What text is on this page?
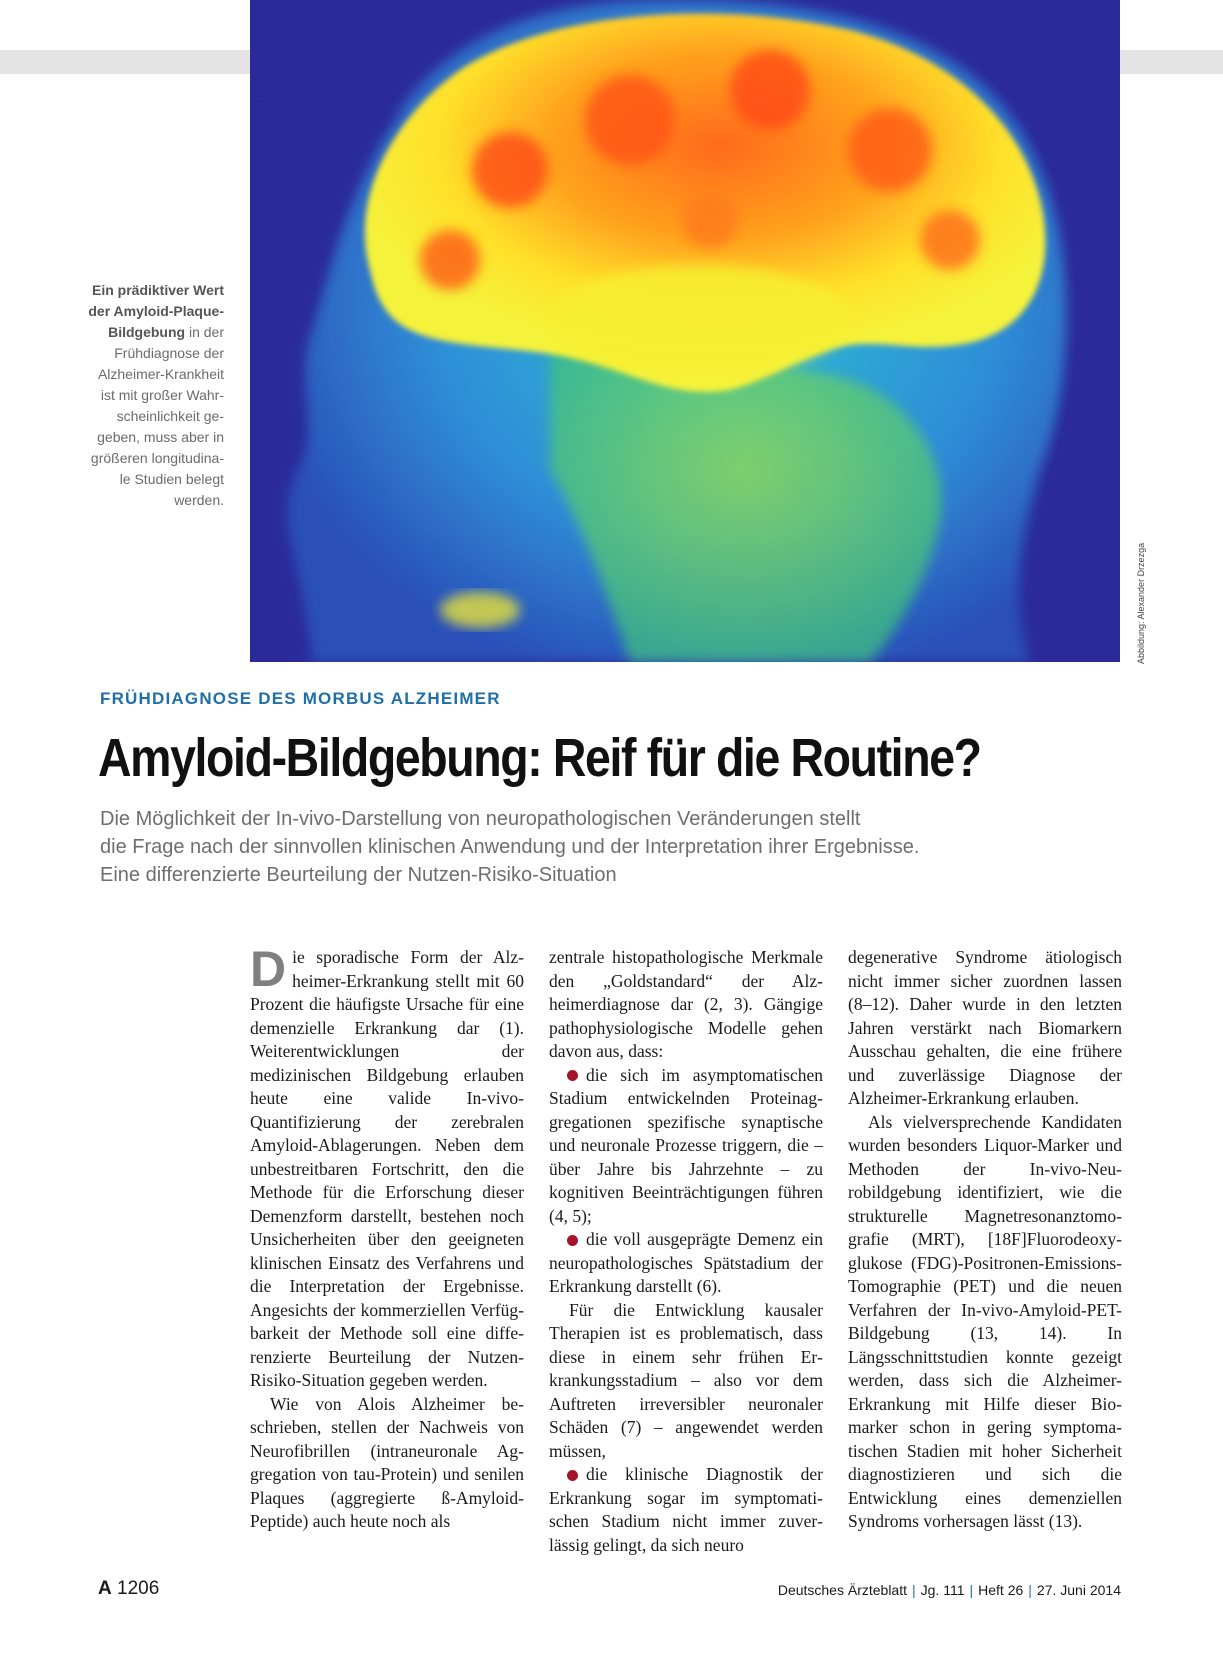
Abbildung: Alexander Drzezga
Ein prädiktiver Wert
der Amyloid-Plaque-
Bildgebung in der
Frühdiagnose der
Alzheimer-Krankheit
ist mit großer Wahr-
scheinlichkeit ge-
geben, muss aber in
größeren longitudina-
le Studien belegt
werden.
FRÜHDIAGNOSE DES MORBUS ALZHEIMER
Amyloid-Bildgebung: Reif für die Routine?
Die Möglichkeit der In-vivo-Darstellung von neuropathologischen Veränderungen stellt
die Frage nach der sinnvollen klinischen Anwendung und der Interpretation ihrer Ergebnisse.
Eine differenzierte Beurteilung der Nutzen-Risiko-Situation

Die sporadische Form der Alzheimer-Erkrankung stellt mit 60 Prozent die häufigste Ursache für eine demenzielle Erkrankung dar (1). Weiterentwicklungen der medizinischen Bildgebung erlauben heute eine valide In-vivo-Quantifizierung der zerebralen Amyloid-Ablagerungen. Neben dem unbestreitbaren Fortschritt, den die Methode für die Erforschung dieser Demenzform darstellt, bestehen noch Unsicherheiten über den geeigneten klinischen Einsatz des Verfahrens und die Interpretation der Ergebnisse. Angesichts der kommerziellen Verfügbarkeit der Methode soll eine differenzierte Beurteilung der Nutzen-Risiko-Situation gegeben werden.

Wie von Alois Alzheimer beschrieben, stellen der Nachweis von Neurofibrillen (intraneuronale Aggregation von tau-Protein) und senilen Plaques (aggregierte ß-Amyloid-Peptide) auch heute noch als

zentrale histopathologische Merkmale den „Goldstandard“ der Alzheimerdiagnose dar (2, 3). Gängige pathophysiologische Modelle gehen davon aus, dass:

die sich im asymptomatischen Stadium entwickelnden Proteinaggregationen spezifische synaptische und neuronale Prozesse triggern, die – über Jahre bis Jahrzehnte – zu kognitiven Beeinträchtigungen führen (4, 5);

die voll ausgeprägte Demenz ein neuropathologisches Spätstadium der Erkrankung darstellt (6).

Für die Entwicklung kausaler Therapien ist es problematisch, dass diese in einem sehr frühen Erkrankungsstadium – also vor dem Auftreten irreversibler neuronaler Schäden (7) – angewendet werden müssen,

die klinische Diagnostik der Erkrankung sogar im symptomatischen Stadium nicht immer zuverlässig gelingt, da sich neuro

degenerative Syndrome ätiologisch nicht immer sicher zuordnen lassen (8–12). Daher wurde in den letzten Jahren verstärkt nach Biomarkern Ausschau gehalten, die eine frühere und zuverlässige Diagnose der Alzheimer-Erkrankung erlauben.

Als vielversprechende Kandidaten wurden besonders Liquor-Marker und Methoden der In-vivo-Neurobildgebung identifiziert, wie die strukturelle Magnetresonanztomografie (MRT), [18F]Fluorodeoxyglukose (FDG)-Positronen-Emissions-Tomographie (PET) und die neuen Verfahren der In-vivo-Amyloid-PET-Bildgebung (13, 14). In Längsschnittstudien konnte gezeigt werden, dass sich die Alzheimer-Erkrankung mit Hilfe dieser Biomarker schon in gering symptomatischen Stadien mit hoher Sicherheit diagnostizieren und sich die Entwicklung eines demenziellen Syndroms vorhersagen lässt (13).

A 1206	Deutsches Ärzteblatt | Jg. 111 | Heft 26 | 27. Juni 2014
